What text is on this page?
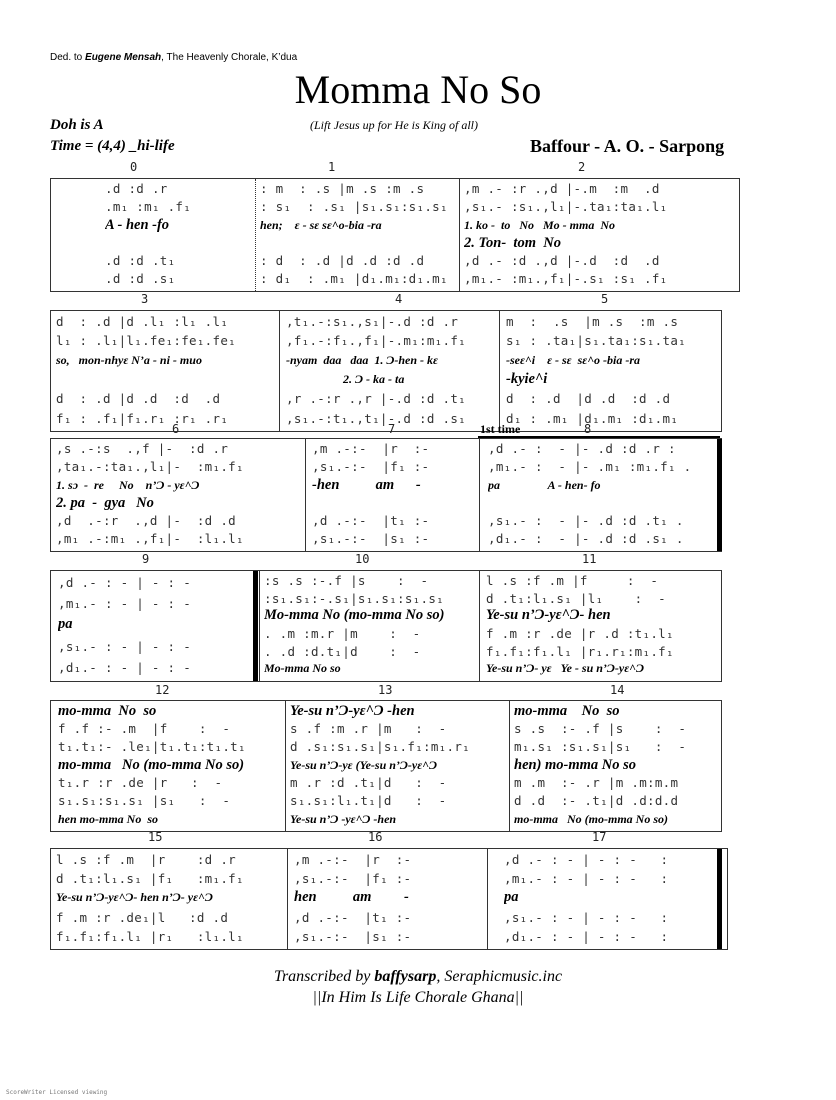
Ded. to Eugene Mensah, The Heavenly Chorale, K’dua
Momma No So
Doh is A	(Lift Jesus up for He is King of all)
Time = (4,4) _hi-life	Baffour - A. O. - Sarpong
0	1	2
.d :d .r
.m₁ :m₁ .f₁
A - hen -fo
.d :d .t₁
.d :d .s₁
: m  : .s |m .s :m .s
: s₁  : .s₁ |s₁.s₁:s₁.s₁
hen;    ε - sε sε^o-bia -ra
: d  : .d |d .d :d .d
: d₁  : .m₁ |d₁.m₁:d₁.m₁
,m .- :r .,d |-.m  :m  .d
,s₁.- :s₁.,l₁|-.ta₁:ta₁.l₁
1. ko -  to   No   Mo - mma  No
2. Ton-  tom  No
,d .- :d .,d |-.d  :d  .d
,m₁.- :m₁.,f₁|-.s₁ :s₁ .f₁
3	4	5
d  : .d |d .l₁ :l₁ .l₁
l₁ : .l₁|l₁.fe₁:fe₁.fe₁
so,   mon-nhyε N’a - ni - muo
d  : .d |d .d  :d  .d
f₁ : .f₁|f₁.r₁ :r₁ .r₁
,t₁.-:s₁.,s₁|-.d :d .r
,f₁.-:f₁.,f₁|-.m₁:m₁.f₁
-nyam  daa   daa  1. Ɔ-hen - kε
2. Ɔ - ka - ta
,r .-:r .,r |-.d :d .t₁
,s₁.-:t₁.,t₁|-.d :d .s₁
m  :  .s  |m .s  :m .s
s₁ : .ta₁|s₁.ta₁:s₁.ta₁
-seε^i    ε - sε  sε^o -bia -ra
-kyie^i
d  : .d  |d .d  :d .d
d₁ : .m₁ |d₁.m₁ :d₁.m₁
6	7	8
1st time
,s .-:s  .,f |-  :d .r
,ta₁.-:ta₁.,l₁|-  :m₁.f₁
1. sɔ  -  re     No    n’Ɔ - yε^Ɔ
2. pa  -  gya   No
,d  .-:r  .,d |-  :d .d
,m₁ .-:m₁ .,f₁|-  :l₁.l₁
,m .-:-  |r  :-
,s₁.-:-  |f₁ :-
-hen          am      -
,d .-:-  |t₁ :-
,s₁.-:-  |s₁ :-
,d .- :  - |- .d :d .r :
,m₁.- :  - |- .m₁ :m₁.f₁ .
pa                A - hen- fo
,s₁.- :  - |- .d :d .t₁ .
,d₁.- :  - |- .d :d .s₁ .
9	10	11
,d .- : - | - : -
,m₁.- : - | - : -
pa
,s₁.- : - | - : -
,d₁.- : - | - : -
:s .s :-.f |s    :  -
:s₁.s₁:-.s₁|s₁.s₁:s₁.s₁
Mo-mma No (mo-mma No so)
. .m :m.r |m    :  -
. .d :d.t₁|d    :  -
Mo-mma No so
l .s :f .m |f     :  -
d .t₁:l₁.s₁ |l₁    :  -
Ye-su n’Ɔ-yε^Ɔ- hen
f .m :r .de |r .d :t₁.l₁
f₁.f₁:f₁.l₁ |r₁.r₁:m₁.f₁
Ye-su n’Ɔ- yε   Ye - su n’Ɔ-yε^Ɔ
12	13	14
mo-mma  No  so
f .f :- .m  |f    :  -
t₁.t₁:- .le₁|t₁.t₁:t₁.t₁
mo-mma   No (mo-mma No so)
t₁.r :r .de |r   :  -
s₁.s₁:s₁.s₁ |s₁   :  -
hen mo-mma No  so
Ye-su n’Ɔ-yε^Ɔ -hen
s .f :m .r |m   :  -
d .s₁:s₁.s₁|s₁.f₁:m₁.r₁
Ye-su n’Ɔ-yε (Ye-su n’Ɔ-yε^Ɔ
m .r :d .t₁|d   :  -
s₁.s₁:l₁.t₁|d   :  -
Ye-su n’Ɔ -yε^Ɔ -hen
mo-mma    No  so
s .s  :- .f |s    :  -
m₁.s₁ :s₁.s₁|s₁   :  -
hen) mo-mma No so
m .m  :- .r |m .m:m.m
d .d  :- .t₁|d .d:d.d
mo-mma   No (mo-mma No so)
15	16	17
l .s :f .m  |r    :d .r
d .t₁:l₁.s₁ |f₁   :m₁.f₁
Ye-su n’Ɔ-yε^Ɔ- hen n’Ɔ- yε^Ɔ
f .m :r .de₁|l   :d .d
f₁.f₁:f₁.l₁ |r₁   :l₁.l₁
,m .-:-  |r  :-
,s₁.-:-  |f₁ :-
hen          am         -
,d .-:-  |t₁ :-
,s₁.-:-  |s₁ :-
,d .- : - | - : -   :
,m₁.- : - | - : -   :
pa
,s₁.- : - | - : -   :
,d₁.- : - | - : -   :
Transcribed by baffysarp, Seraphicmusic.inc
||In Him Is Life Chorale Ghana||
ScoreWriter Licensed viewing
